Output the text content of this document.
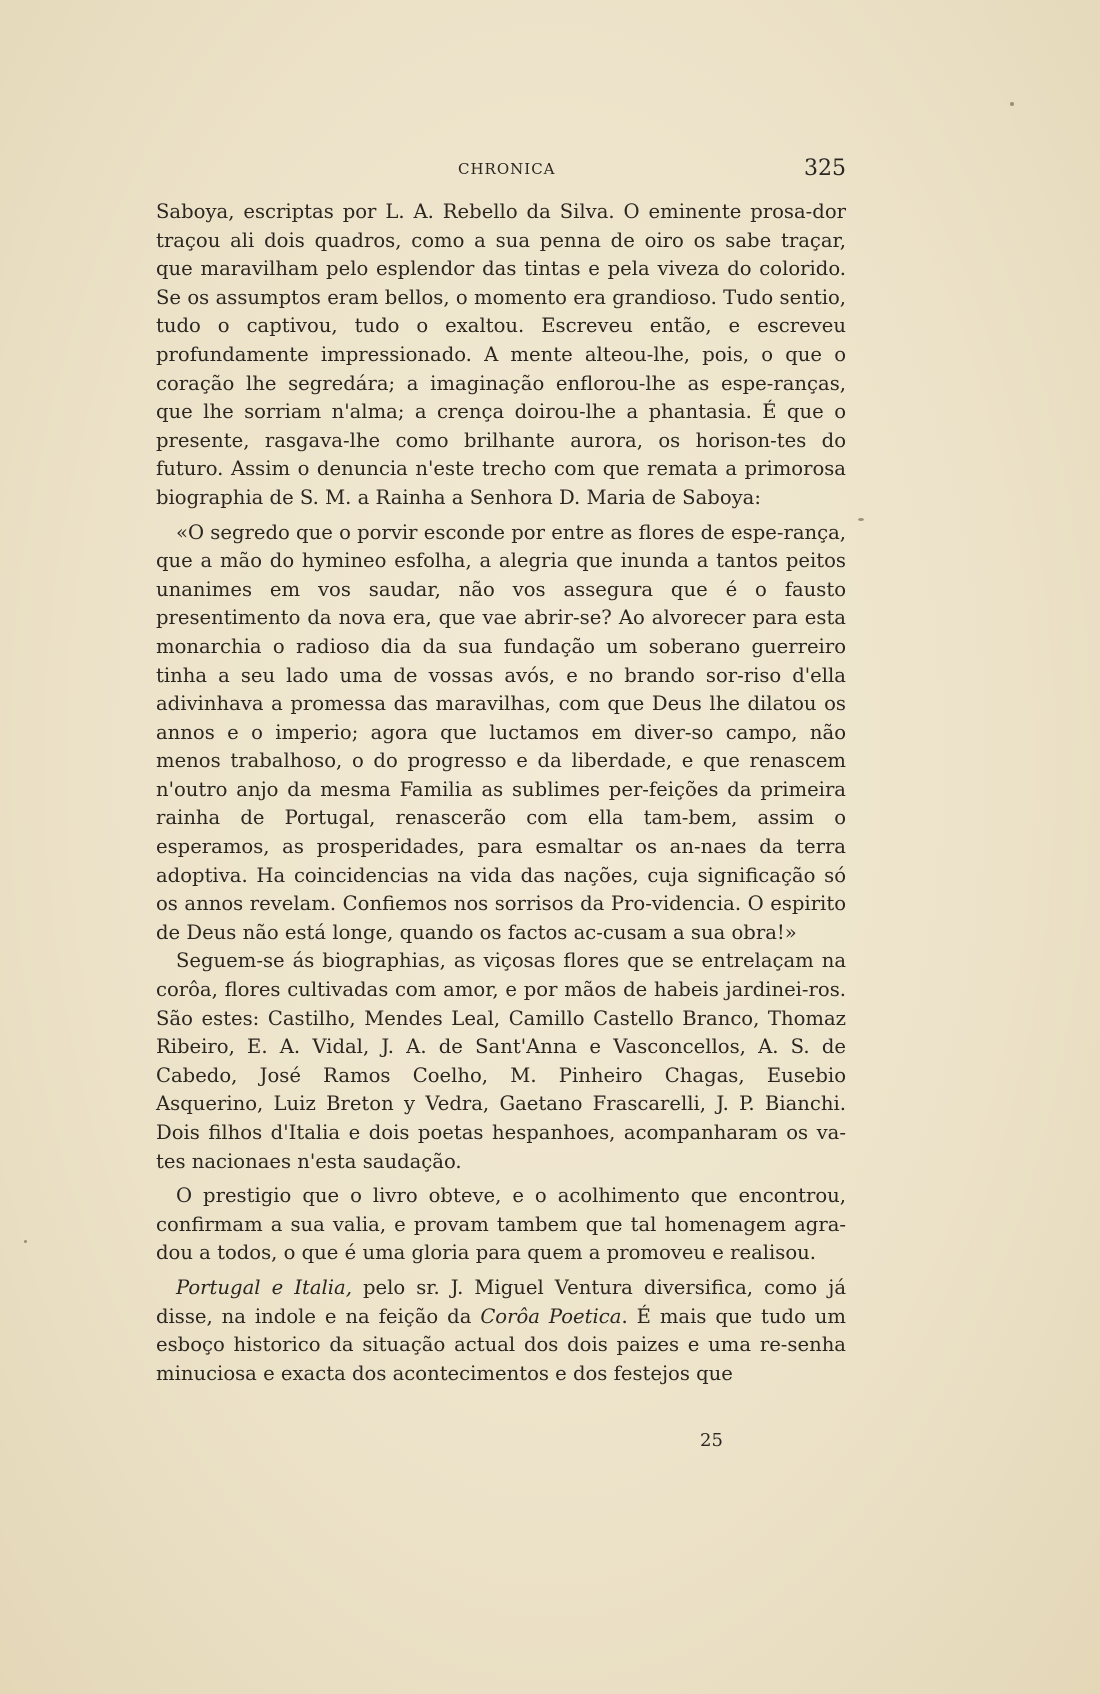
CHRONICA	325

Saboya, escriptas por L. A. Rebello da Silva. O eminente prosa-dor traçou ali dois quadros, como a sua penna de oiro os sabe traçar, que maravilham pelo esplendor das tintas e pela viveza do colorido. Se os assumptos eram bellos, o momento era grandioso. Tudo sentio, tudo o captivou, tudo o exaltou. Escreveu então, e escreveu profundamente impressionado. A mente alteou-lhe, pois, o que o coração lhe segredára; a imaginação enflorou-lhe as espe-ranças, que lhe sorriam n'alma; a crença doirou-lhe a phantasia. É que o presente, rasgava-lhe como brilhante aurora, os horison-tes do futuro. Assim o denuncia n'este trecho com que remata a primorosa biographia de S. M. a Rainha a Senhora D. Maria de Saboya:

«O segredo que o porvir esconde por entre as flores de espe-rança, que a mão do hymineo esfolha, a alegria que inunda a tantos peitos unanimes em vos saudar, não vos assegura que é o fausto presentimento da nova era, que vae abrir-se? Ao alvorecer para esta monarchia o radioso dia da sua fundação um soberano guerreiro tinha a seu lado uma de vossas avós, e no brando sor-riso d'ella adivinhava a promessa das maravilhas, com que Deus lhe dilatou os annos e o imperio; agora que luctamos em diver-so campo, não menos trabalhoso, o do progresso e da liberdade, e que renascem n'outro anjo da mesma Familia as sublimes per-feições da primeira rainha de Portugal, renascerão com ella tam-bem, assim o esperamos, as prosperidades, para esmaltar os an-naes da terra adoptiva. Ha coincidencias na vida das nações, cuja significação só os annos revelam. Confiemos nos sorrisos da Pro-videncia. O espirito de Deus não está longe, quando os factos ac-cusam a sua obra!»

Seguem-se ás biographias, as viçosas flores que se entrelaçam na corôa, flores cultivadas com amor, e por mãos de habeis jardinei-ros. São estes: Castilho, Mendes Leal, Camillo Castello Branco, Thomaz Ribeiro, E. A. Vidal, J. A. de Sant'Anna e Vasconcellos, A. S. de Cabedo, José Ramos Coelho, M. Pinheiro Chagas, Eusebio Asquerino, Luiz Breton y Vedra, Gaetano Frascarelli, J. P. Bianchi. Dois filhos d'Italia e dois poetas hespanhoes, acompanharam os va-tes nacionaes n'esta saudação.

O prestigio que o livro obteve, e o acolhimento que encontrou, confirmam a sua valia, e provam tambem que tal homenagem agra-dou a todos, o que é uma gloria para quem a promoveu e realisou.

Portugal e Italia, pelo sr. J. Miguel Ventura diversifica, como já disse, na indole e na feição da Corôa Poetica. É mais que tudo um esboço historico da situação actual dos dois paizes e uma re-senha minuciosa e exacta dos acontecimentos e dos festejos que

25
